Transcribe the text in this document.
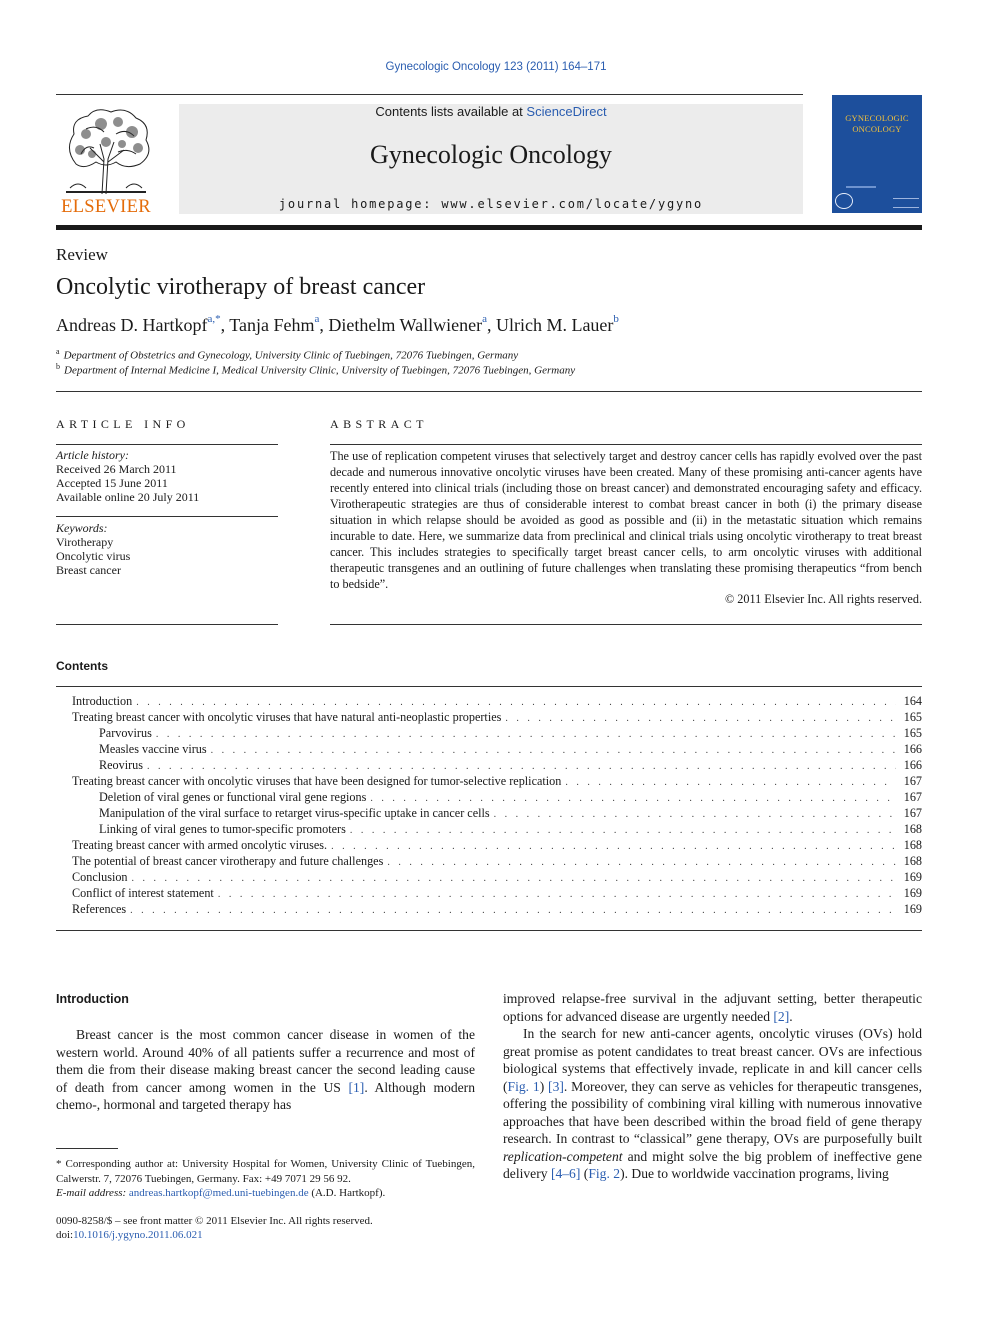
Gynecologic Oncology 123 (2011) 164–171
ELSEVIER
Contents lists available at ScienceDirect
Gynecologic Oncology
journal homepage: www.elsevier.com/locate/ygyno
GYNECOLOGIC
ONCOLOGY
Review
Oncolytic virotherapy of breast cancer
Andreas D. Hartkopf$^{a,*}$, Tanja Fehm$^a$, Diethelm Wallwiener$^a$, Ulrich M. Lauer$^b$
$^a$ Department of Obstetrics and Gynecology, University Clinic of Tuebingen, 72076 Tuebingen, Germany
$^b$ Department of Internal Medicine I, Medical University Clinic, University of Tuebingen, 72076 Tuebingen, Germany
ARTICLE INFO
Article history:
Received 26 March 2011
Accepted 15 June 2011
Available online 20 July 2011
Keywords:
Virotherapy
Oncolytic virus
Breast cancer
ABSTRACT
The use of replication competent viruses that selectively target and destroy cancer cells has rapidly evolved over the past decade and numerous innovative oncolytic viruses have been created. Many of these promising anti-cancer agents have recently entered into clinical trials (including those on breast cancer) and demonstrated encouraging safety and efficacy. Virotherapeutic strategies are thus of considerable interest to combat breast cancer in both (i) the primary disease situation in which relapse should be avoided as good as possible and (ii) in the metastatic situation which remains incurable to date. Here, we summarize data from preclinical and clinical trials using oncolytic virotherapy to treat breast cancer. This includes strategies to specifically target breast cancer cells, to arm oncolytic viruses with additional therapeutic transgenes and an outlining of future challenges when translating these promising therapeutics “from bench to bedside”.
© 2011 Elsevier Inc. All rights reserved.
Contents
Introduction . . .	164
Treating breast cancer with oncolytic viruses that have natural anti-neoplastic properties . . .	165
Parvovirus . . .	165
Measles vaccine virus . . .	166
Reovirus . . .	166
Treating breast cancer with oncolytic viruses that have been designed for tumor-selective replication . . .	167
Deletion of viral genes or functional viral gene regions . . .	167
Manipulation of the viral surface to retarget virus-specific uptake in cancer cells . . .	167
Linking of viral genes to tumor-specific promoters . . .	168
Treating breast cancer with armed oncolytic viruses. . . .	168
The potential of breast cancer virotherapy and future challenges . . .	168
Conclusion . . .	169
Conflict of interest statement . . .	169
References . . .	169
Introduction
Breast cancer is the most common cancer disease in women of the western world. Around 40% of all patients suffer a recurrence and most of them die from their disease making breast cancer the second leading cause of death from cancer among women in the US [1]. Although modern chemo-, hormonal and targeted therapy has
improved relapse-free survival in the adjuvant setting, better therapeutic options for advanced disease are urgently needed [2].
In the search for new anti-cancer agents, oncolytic viruses (OVs) hold great promise as potent candidates to treat breast cancer. OVs are infectious biological systems that effectively invade, replicate in and kill cancer cells (Fig. 1) [3]. Moreover, they can serve as vehicles for therapeutic transgenes, offering the possibility of combining viral killing with numerous innovative approaches that have been described within the broad field of gene therapy research. In contrast to “classical” gene therapy, OVs are purposefully built replication-competent and might solve the big problem of ineffective gene delivery [4–6] (Fig. 2). Due to worldwide vaccination programs, living
* Corresponding author at: University Hospital for Women, University Clinic of Tuebingen, Calwerstr. 7, 72076 Tuebingen, Germany. Fax: +49 7071 29 56 92.
E-mail address: andreas.hartkopf@med.uni-tuebingen.de (A.D. Hartkopf).
0090-8258/$ – see front matter © 2011 Elsevier Inc. All rights reserved.
doi:10.1016/j.ygyno.2011.06.021
